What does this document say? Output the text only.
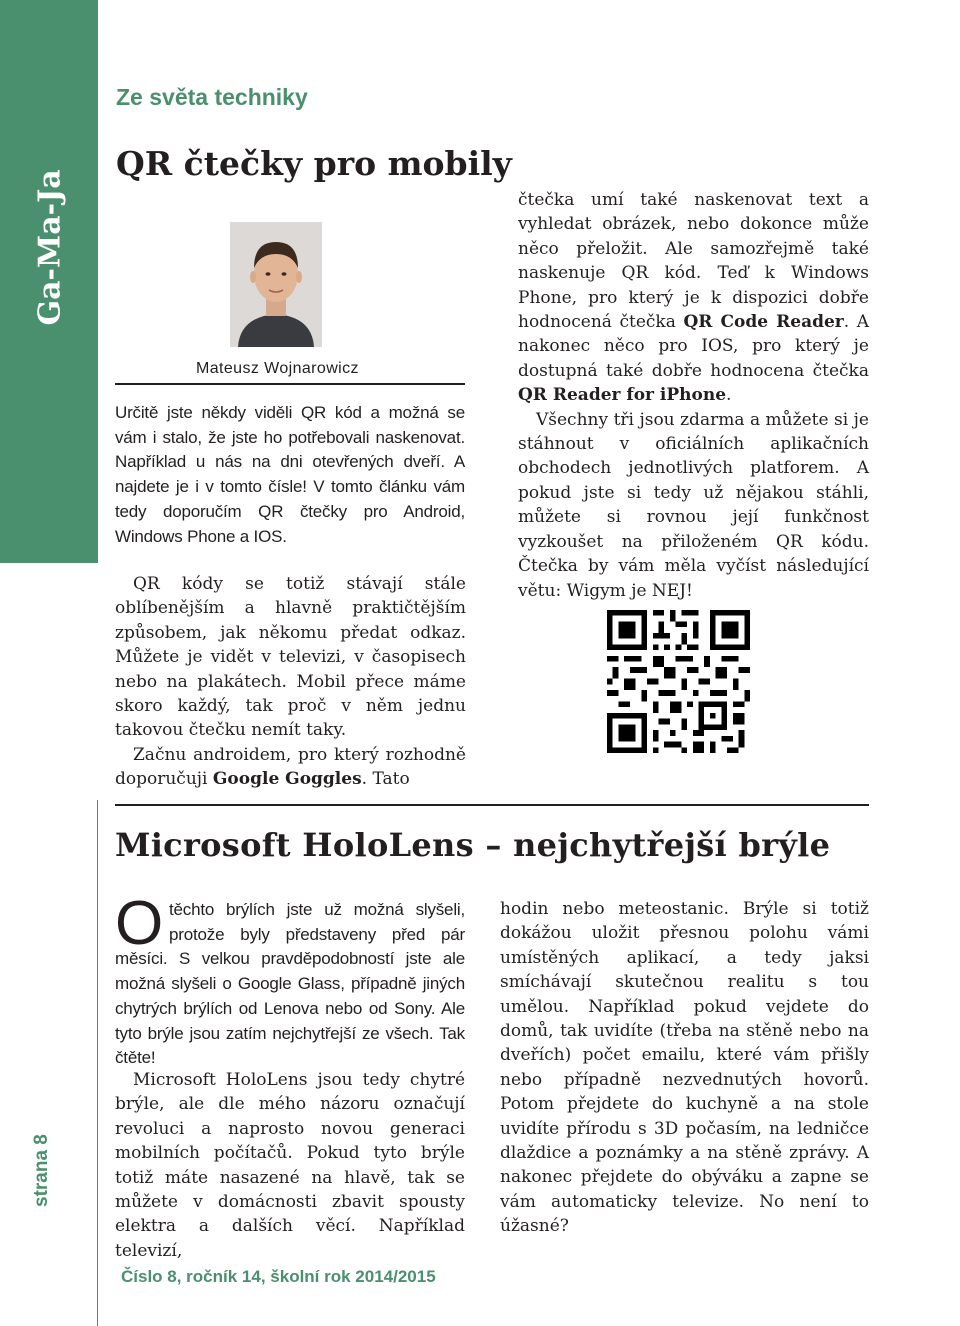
Ga-Ma-Ja
strana 8
Ze světa techniky
QR čtečky pro mobily
Mateusz Wojnarowicz
Určitě jste někdy viděli QR kód a možná se vám i stalo, že jste ho potřebovali naskenovat. Například u nás na dni otevřených dveří. A najdete je i v tomto čísle! V tomto článku vám tedy doporučím QR čtečky pro Android, Windows Phone a IOS.

QR kódy se totiž stávají stále oblíbenějším a hlavně praktičtějším způsobem, jak někomu předat odkaz. Můžete je vidět v televizi, v časopisech nebo na plakátech. Mobil přece máme skoro každý, tak proč v něm jednu takovou čtečku nemít taky.

Začnu androidem, pro který rozhodně doporučuji Google Goggles. Tato

čtečka umí také naskenovat text a vyhledat obrázek, nebo dokonce může něco přeložit. Ale samozřejmě také naskenuje QR kód. Teď k Windows Phone, pro který je k dispozici dobře hodnocená čtečka QR Code Reader. A nakonec něco pro IOS, pro který je dostupná také dobře hodnocena čtečka QR Reader for iPhone.

Všechny tři jsou zdarma a můžete si je stáhnout v oficiálních aplikačních obchodech jednotlivých platforem. A pokud jste si tedy už nějakou stáhli, můžete si rovnou její funkčnost vyzkoušet na přiloženém QR kódu. Čtečka by vám měla vyčíst následující větu: Wigym je NEJ!

Microsoft HoloLens – nejchytřejší brýle
Otěchto brýlích jste už možná slyšeli, protože byly představeny před pár měsíci. S velkou pravděpodobností jste ale možná slyšeli o Google Glass, případně jiných chytrých brýlích od Lenova nebo od Sony. Ale tyto brýle jsou zatím nejchytřejší ze všech. Tak čtěte!

Microsoft HoloLens jsou tedy chytré brýle, ale dle mého názoru označují revoluci a naprosto novou generaci mobilních počítačů. Pokud tyto brýle totiž máte nasazené na hlavě, tak se můžete v domácnosti zbavit spousty elektra a dalších věcí. Například televizí,

hodin nebo meteostanic. Brýle si totiž dokážou uložit přesnou polohu vámi umístěných aplikací, a tedy jaksi smíchávají skutečnou realitu s tou umělou. Například pokud vejdete do domů, tak uvidíte (třeba na stěně nebo na dveřích) počet emailu, které vám přišly nebo případně nezvednutých hovorů. Potom přejdete do kuchyně a na stole uvidíte přírodu s 3D počasím, na ledničce dlaždice a poznámky a na stěně zprávy. A nakonec přejdete do obýváku a zapne se vám automaticky televize. No není to úžasné?

Číslo 8, ročník 14, školní rok 2014/2015
